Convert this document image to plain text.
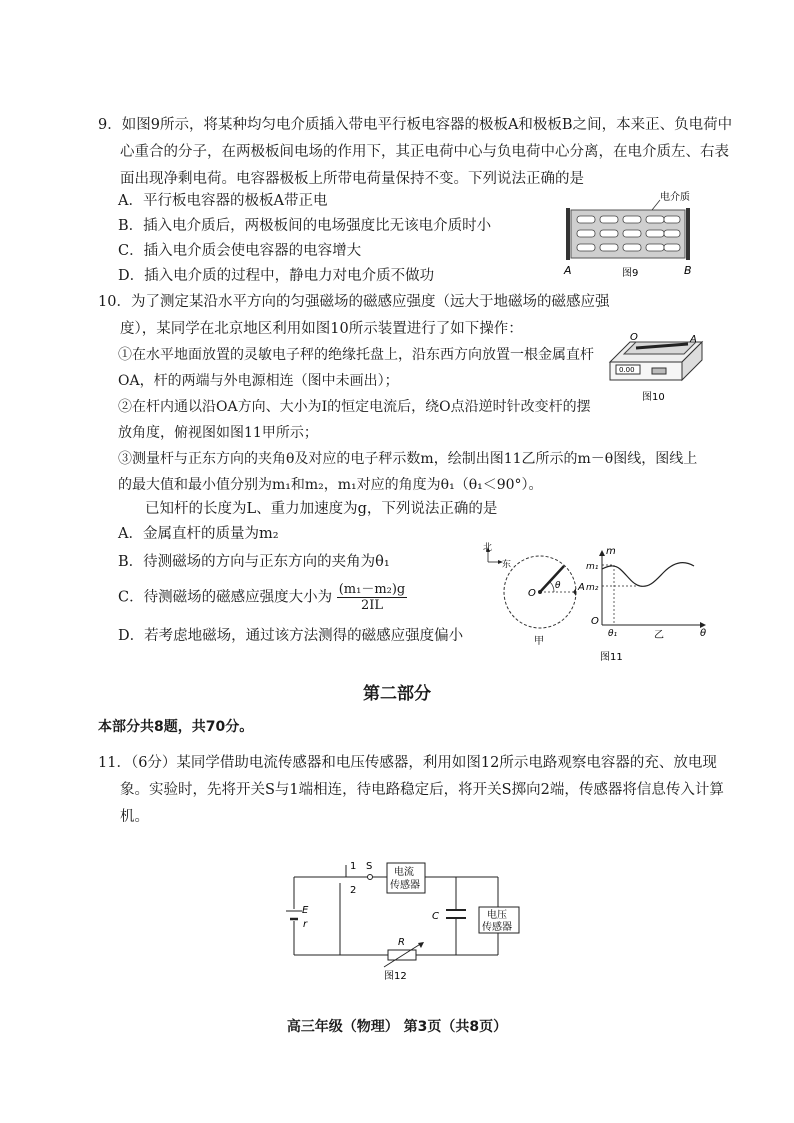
9．如图9所示，将某种均匀电介质插入带电平行板电容器的极板A和极板B之间，本来正、负电荷中心重合的分子，在两极板间电场的作用下，其正电荷中心与负电荷中心分离，在电介质左、右表面出现净剩电荷。电容器极板上所带电荷量保持不变。下列说法正确的是
A．平行板电容器的极板A带正电
B．插入电介质后，两极板间的电场强度比无该电介质时小
C．插入电介质会使电容器的电容增大
D．插入电介质的过程中，静电力对电介质不做功
电介质
A	B
图9
10．为了测定某沿水平方向的匀强磁场的磁感应强度（远大于地磁场的磁感应强度），某同学在北京地区利用如图10所示装置进行了如下操作：
①在水平地面放置的灵敏电子秤的绝缘托盘上，沿东西方向放置一根金属直杆OA，杆的两端与外电源相连（图中未画出）；
②在杆内通以沿OA方向、大小为I的恒定电流后，绕O点沿逆时针改变杆的摆放角度，俯视图如图11甲所示；
③测量杆与正东方向的夹角θ及对应的电子秤示数m，绘制出图11乙所示的m－θ图线，图线上的最大值和最小值分别为m₁和m₂，m₁对应的角度为θ₁（θ₁＜90°）。
已知杆的长度为L、重力加速度为g，下列说法正确的是
A．金属直杆的质量为m₂
B．待测磁场的方向与正东方向的夹角为θ₁
C．待测磁场的磁感应强度大小为 $\frac{\text{(m₁－m₂)g}}{2IL}$
D．若考虑地磁场，通过该方法测得的磁感应强度偏小
0.00
O	A
图10
北
东
θ
O
A
甲
m
m₁
m₂
O
θ₁	θ
乙
图11
第二部分
本部分共8题，共70分。
11．（6分）某同学借助电流传感器和电压传感器，利用如图12所示电路观察电容器的充、放电现象。实验时，先将开关S与1端相连，待电路稳定后，将开关S掷向2端，传感器将信息传入计算机。
电流
传感器
电压
传感器
1 S
2
E
r
C
R
图12
高三年级（物理） 第3页（共8页）
